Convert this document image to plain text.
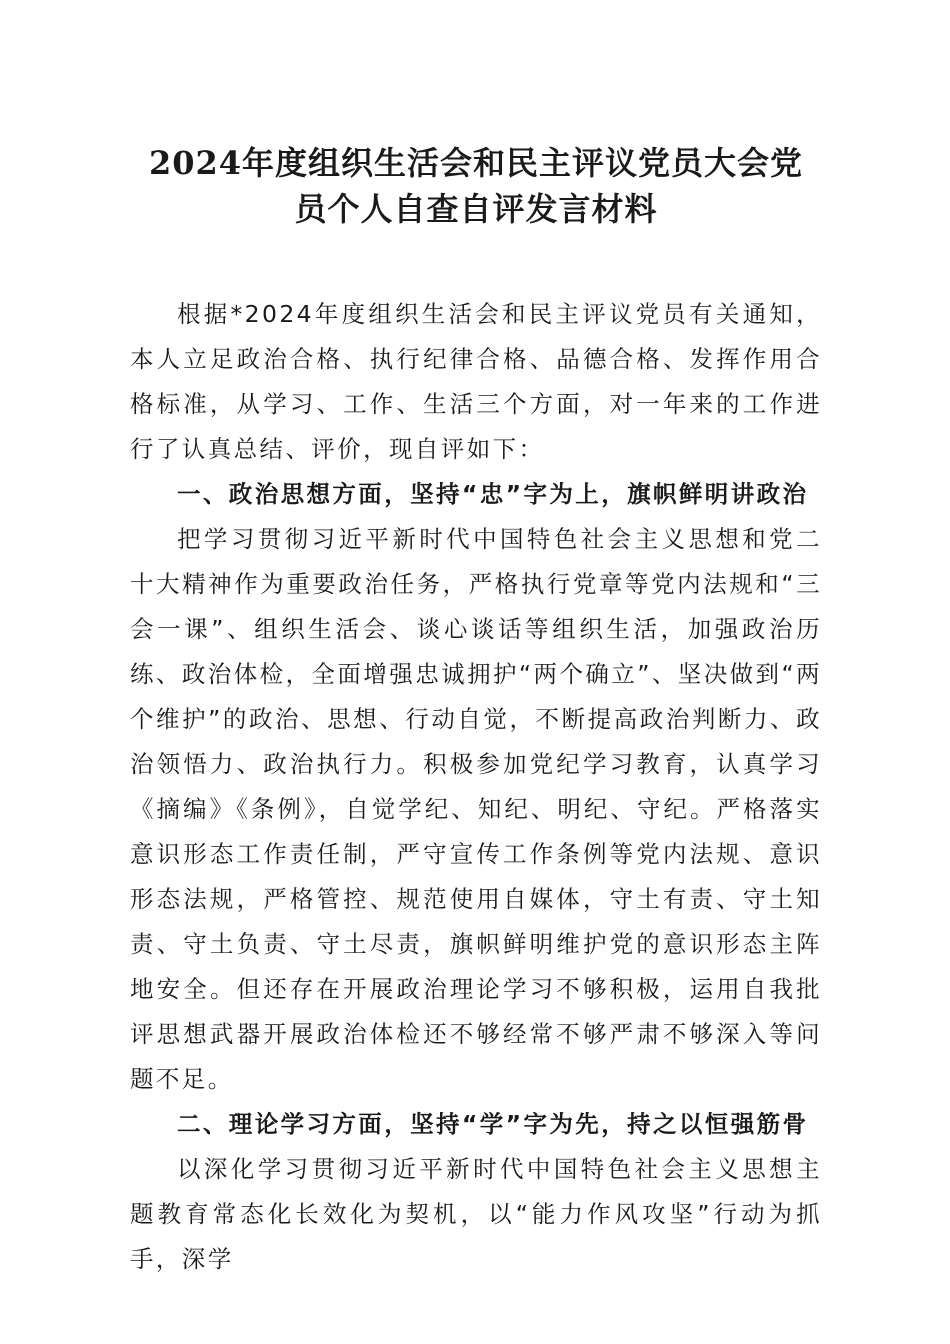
2024年度组织生活会和民主评议党员大会党
员个人自查自评发言材料

根据*2024年度组织生活会和民主评议党员有关通知，本人立足政治合格、执行纪律合格、品德合格、发挥作用合格标准，从学习、工作、生活三个方面，对一年来的工作进行了认真总结、评价，现自评如下：

一、政治思想方面，坚持“忠”字为上，旗帜鲜明讲政治

把学习贯彻习近平新时代中国特色社会主义思想和党二十大精神作为重要政治任务，严格执行党章等党内法规和“三会一课”、组织生活会、谈心谈话等组织生活，加强政治历练、政治体检，全面增强忠诚拥护“两个确立”、坚决做到“两个维护”的政治、思想、行动自觉，不断提高政治判断力、政治领悟力、政治执行力。积极参加党纪学习教育，认真学习《摘编》《条例》，自觉学纪、知纪、明纪、守纪。严格落实意识形态工作责任制，严守宣传工作条例等党内法规、意识形态法规，严格管控、规范使用自媒体，守土有责、守土知责、守土负责、守土尽责，旗帜鲜明维护党的意识形态主阵地安全。但还存在开展政治理论学习不够积极，运用自我批评思想武器开展政治体检还不够经常不够严肃不够深入等问题不足。

二、理论学习方面，坚持“学”字为先，持之以恒强筋骨

以深化学习贯彻习近平新时代中国特色社会主义思想主题教育常态化长效化为契机，以“能力作风攻坚”行动为抓手，深学
